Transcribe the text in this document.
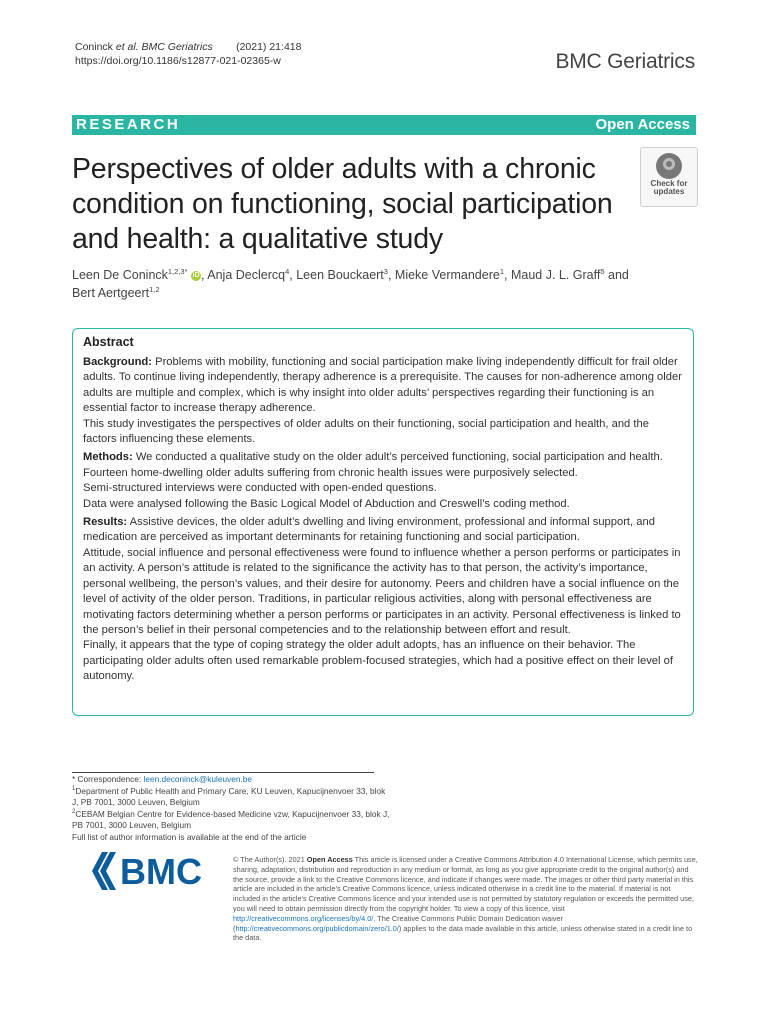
Coninck et al. BMC Geriatrics (2021) 21:418
https://doi.org/10.1186/s12877-021-02365-w	BMC Geriatrics
RESEARCH	Open Access
Perspectives of older adults with a chronic condition on functioning, social participation and health: a qualitative study
Check for
updates
Leen De Coninck$^{1,2,3*}$ iD , Anja Declercq$^4$, Leen Bouckaert$^3$, Mieke Vermandere$^1$, Maud J. L. Graff$^5$ and
Bert Aertgeert$^{1,2}$
Abstract

Background: Problems with mobility, functioning and social participation make living independently difficult for frail older adults. To continue living independently, therapy adherence is a prerequisite. The causes for non-adherence among older adults are multiple and complex, which is why insight into older adults’ perspectives regarding their functioning is an essential factor to increase therapy adherence.
This study investigates the perspectives of older adults on their functioning, social participation and health, and the factors influencing these elements.

Methods: We conducted a qualitative study on the older adult’s perceived functioning, social participation and health. Fourteen home-dwelling older adults suffering from chronic health issues were purposively selected.
Semi-structured interviews were conducted with open-ended questions.
Data were analysed following the Basic Logical Model of Abduction and Creswell’s coding method.

Results: Assistive devices, the older adult’s dwelling and living environment, professional and informal support, and medication are perceived as important determinants for retaining functioning and social participation.
Attitude, social influence and personal effectiveness were found to influence whether a person performs or participates in an activity. A person’s attitude is related to the significance the activity has to that person, the activity’s importance, personal wellbeing, the person’s values, and their desire for autonomy. Peers and children have a social influence on the level of activity of the older person. Traditions, in particular religious activities, along with personal effectiveness are motivating factors determining whether a person performs or participates in an activity. Personal effectiveness is linked to the person’s belief in their personal competencies and to the relationship between effort and result.
Finally, it appears that the type of coping strategy the older adult adopts, has an influence on their behavior. The participating older adults often used remarkable problem-focused strategies, which had a positive effect on their level of autonomy.

* Correspondence: leen.deconinck@kuleuven.be
$^1$Department of Public Health and Primary Care, KU Leuven, Kapucijnenvoer 33, blok J, PB 7001, 3000 Leuven, Belgium
$^2$CEBAM Belgian Centre for Evidence-based Medicine vzw, Kapucijnenvoer 33, blok J, PB 7001, 3000 Leuven, Belgium
Full list of author information is available at the end of the article
BMC	© The Author(s). 2021 Open Access This article is licensed under a Creative Commons Attribution 4.0 International License, which permits use, sharing, adaptation, distribution and reproduction in any medium or format, as long as you give appropriate credit to the original author(s) and the source, provide a link to the Creative Commons licence, and indicate if changes were made. The images or other third party material in this article are included in the article's Creative Commons licence, unless indicated otherwise in a credit line to the material. If material is not included in the article's Creative Commons licence and your intended use is not permitted by statutory regulation or exceeds the permitted use, you will need to obtain permission directly from the copyright holder. To view a copy of this licence, visit http://creativecommons.org/licenses/by/4.0/. The Creative Commons Public Domain Dedication waiver (http://creativecommons.org/publicdomain/zero/1.0/) applies to the data made available in this article, unless otherwise stated in a credit line to the data.
